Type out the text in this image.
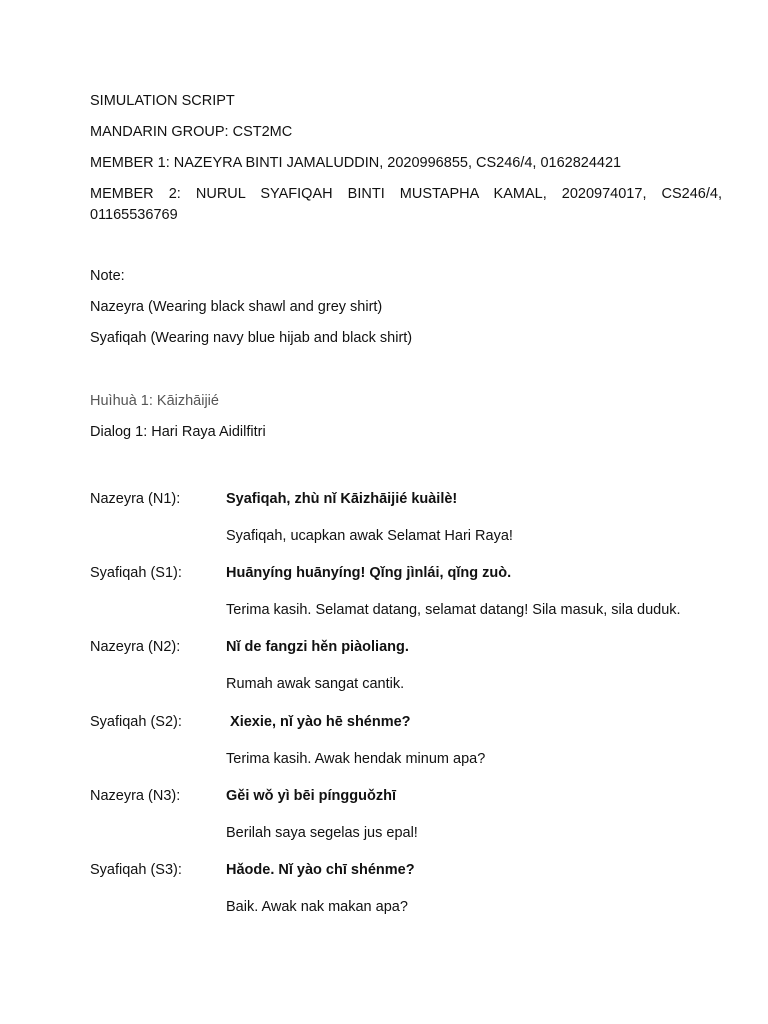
SIMULATION SCRIPT
MANDARIN GROUP: CST2MC
MEMBER 1: NAZEYRA BINTI JAMALUDDIN, 2020996855, CS246/4, 0162824421
MEMBER 2: NURUL SYAFIQAH BINTI MUSTAPHA KAMAL, 2020974017, CS246/4, 01165536769
Note:
Nazeyra (Wearing black shawl and grey shirt)
Syafiqah (Wearing navy blue hijab and black shirt)
Huìhuà 1: Kāizhāijié
Dialog 1: Hari Raya Aidilfitri
Nazeyra (N1):	Syafiqah, zhù nǐ Kāizhāijié kuàilè!
Syafiqah, ucapkan awak Selamat Hari Raya!
Syafiqah (S1):	Huānyíng huānyíng! Qǐng jìnlái, qǐng zuò.
Terima kasih. Selamat datang, selamat datang! Sila masuk, sila duduk.
Nazeyra (N2):	Nǐ de fangzi hěn piàoliang.
Rumah awak sangat cantik.
Syafiqah (S2):	Xiexie, nǐ yào hē shénme?
Terima kasih. Awak hendak minum apa?
Nazeyra (N3):	Gěi wǒ yì bēi píngguǒzhī
Berilah saya segelas jus epal!
Syafiqah (S3):	Hǎode. Nǐ yào chī shénme?
Baik. Awak nak makan apa?
